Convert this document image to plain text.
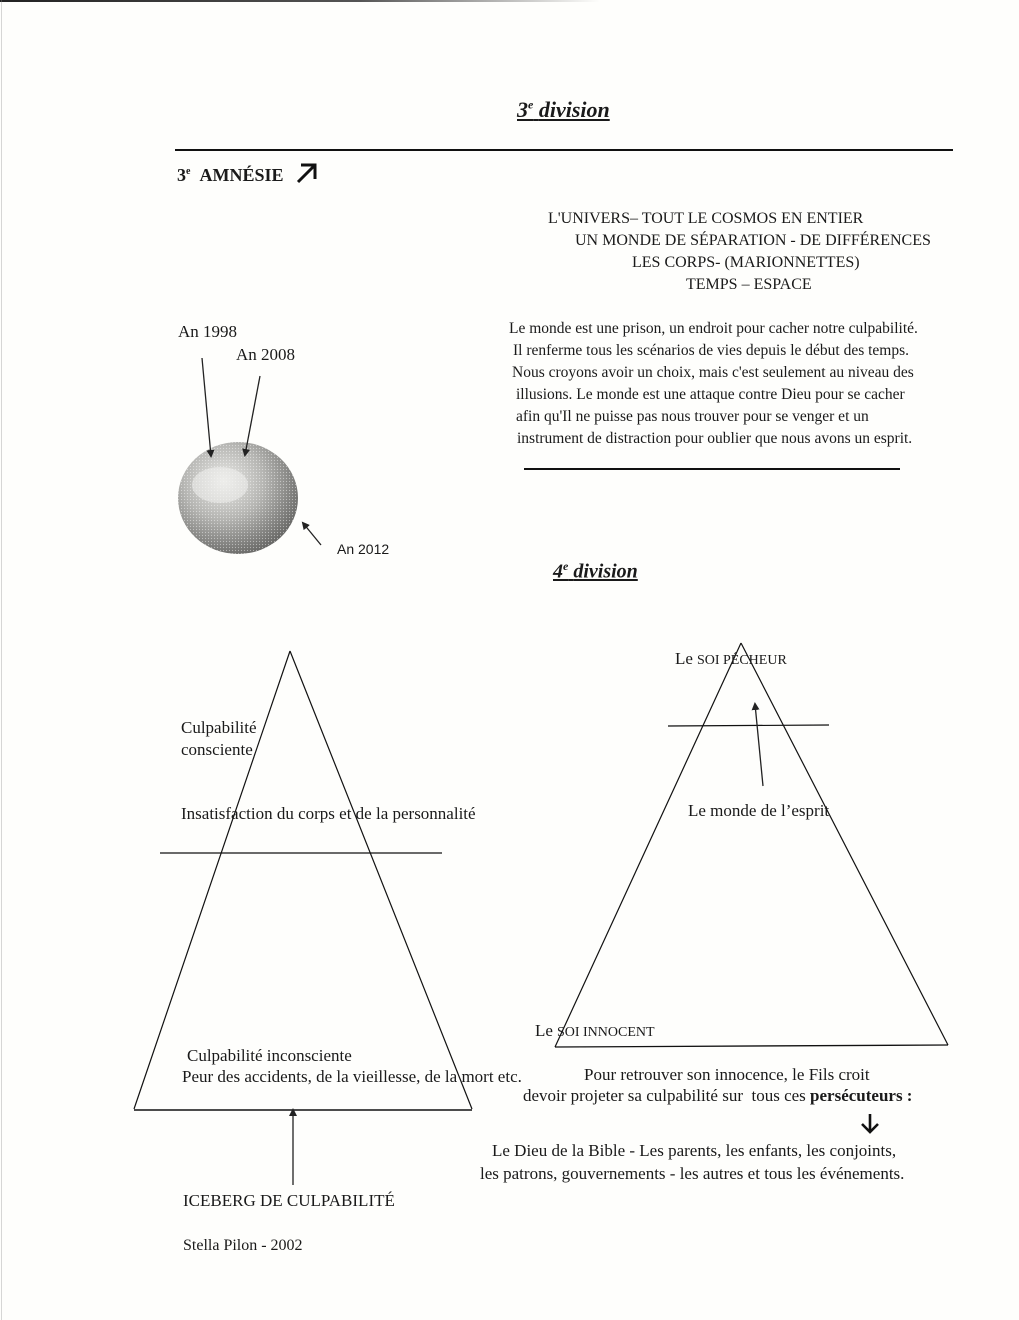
3e division
3e AMNÉSIE
L'UNIVERS– TOUT LE COSMOS EN ENTIER
UN MONDE DE SÉPARATION - DE DIFFÉRENCES
LES CORPS- (MARIONNETTES)
TEMPS – ESPACE
Le monde est une prison, un endroit pour cacher notre culpabilité.
Il renferme tous les scénarios de vies depuis le début des temps.
Nous croyons avoir un choix, mais c'est seulement au niveau des
illusions. Le monde est une attaque contre Dieu pour se cacher
afin qu'Il ne puisse pas nous trouver pour se venger et un
instrument de distraction pour oublier que nous avons un esprit.
An 1998
An 2008
An 2012
4e division
Culpabilité
consciente
Insatisfaction du corps et de la personnalité
Culpabilité inconsciente
Peur des accidents, de la vieillesse, de la mort etc.
ICEBERG DE CULPABILITÉ
Le SOI PÉCHEUR
Le monde de l’esprit
Le SOI INNOCENT
Pour retrouver son innocence, le Fils croit
devoir projeter sa culpabilité sur  tous ces persécuteurs :
Le Dieu de la Bible - Les parents, les enfants, les conjoints,
les patrons, gouvernements - les autres et tous les événements.
Stella Pilon - 2002
